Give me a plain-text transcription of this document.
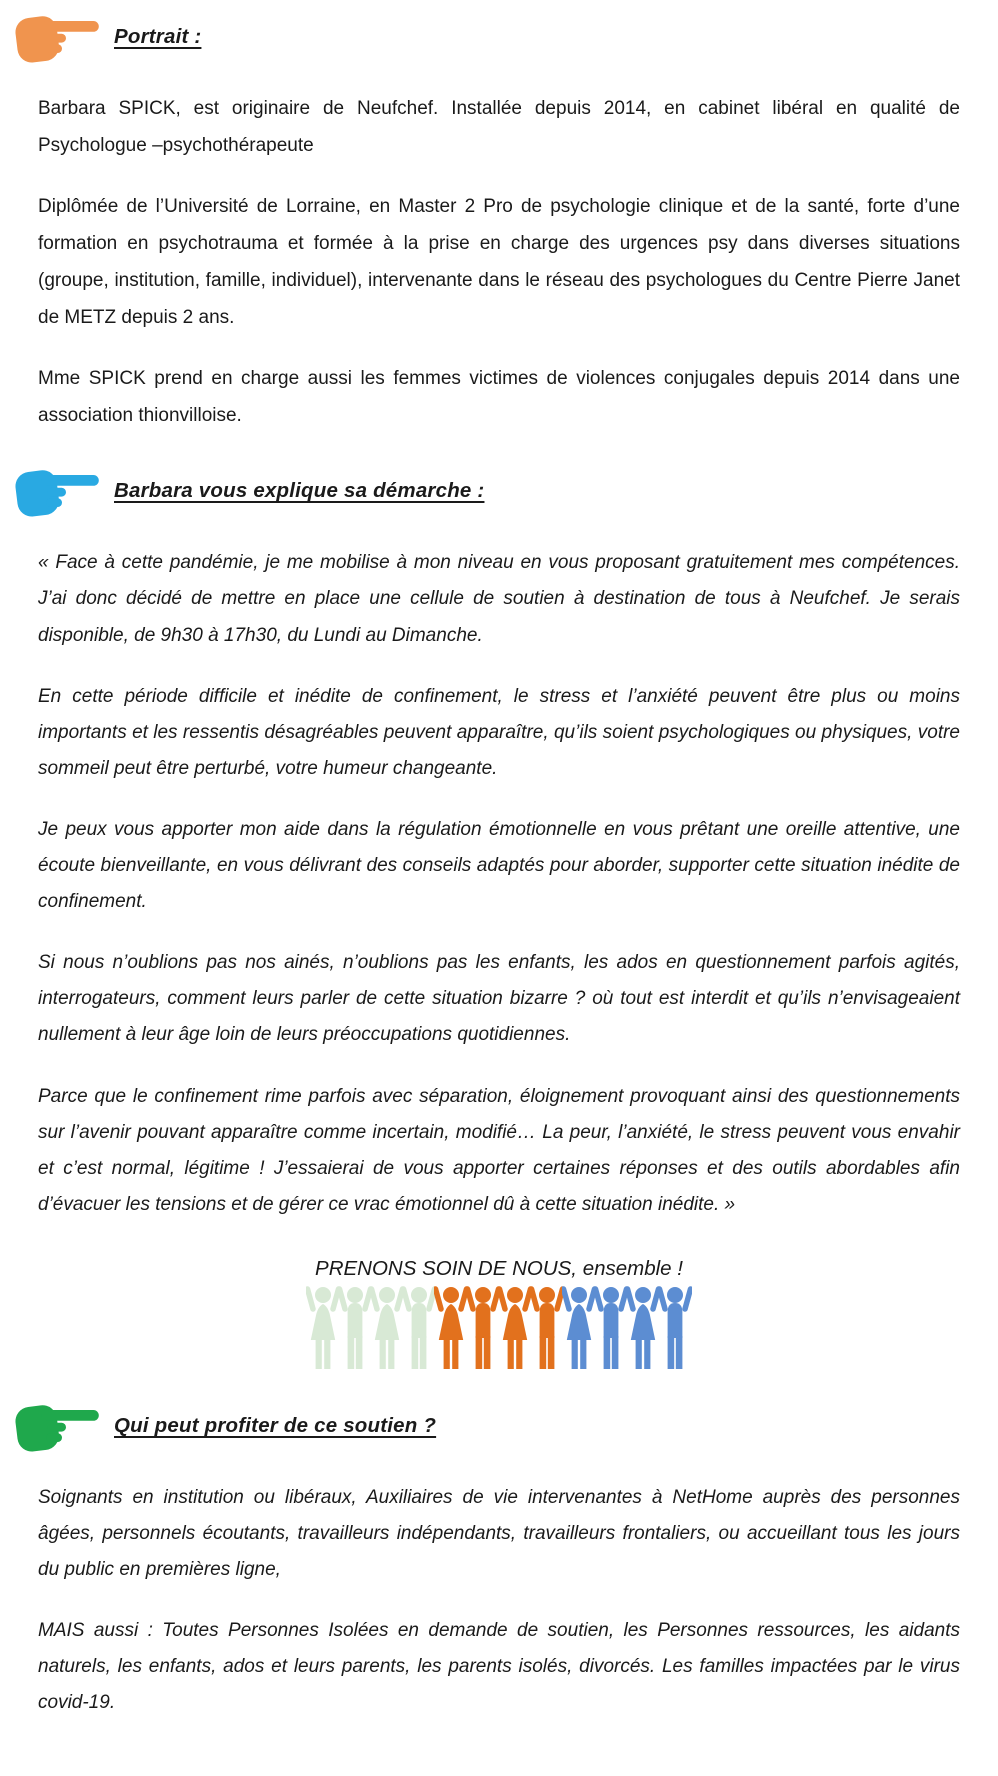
Portrait :

Barbara SPICK, est originaire de Neufchef. Installée depuis 2014, en cabinet libéral en qualité de Psychologue –psychothérapeute

Diplômée de l’Université de Lorraine, en Master 2 Pro de psychologie clinique et de la santé, forte d’une formation en psychotrauma et formée à la prise en charge des urgences psy dans diverses situations (groupe, institution, famille, individuel), intervenante dans le réseau des psychologues du Centre Pierre Janet de METZ depuis 2 ans.

Mme SPICK prend en charge aussi les femmes victimes de violences conjugales depuis 2014 dans une association thionvilloise.

Barbara vous explique sa démarche :

« Face à cette pandémie, je me mobilise à mon niveau en vous proposant gratuitement mes compétences. J’ai donc décidé de mettre en place une cellule de soutien à destination de tous à Neufchef. Je serais disponible, de 9h30 à 17h30, du Lundi au Dimanche.

En cette période difficile et inédite de confinement, le stress et l’anxiété peuvent être plus ou moins importants et les ressentis désagréables peuvent apparaître, qu’ils soient psychologiques ou physiques, votre sommeil peut être perturbé, votre humeur changeante.

Je peux vous apporter mon aide dans la régulation émotionnelle en vous prêtant une oreille attentive, une écoute bienveillante, en vous délivrant des conseils adaptés pour aborder, supporter cette situation inédite de confinement.

Si nous n’oublions pas nos ainés, n’oublions pas les enfants, les ados en questionnement parfois agités, interrogateurs, comment leurs parler de cette situation bizarre ? où tout est interdit et qu’ils n’envisageaient nullement à leur âge loin de leurs préoccupations quotidiennes.

Parce que le confinement rime parfois avec séparation, éloignement provoquant ainsi des questionnements sur l’avenir pouvant apparaître comme incertain, modifié… La peur, l’anxiété, le stress peuvent vous envahir et c’est normal, légitime ! J’essaierai de vous apporter certaines réponses et des outils abordables afin d’évacuer les tensions et de gérer ce vrac émotionnel dû à cette situation inédite. »

PRENONS SOIN DE NOUS, ensemble !
Qui peut profiter de ce soutien ?

Soignants en institution ou libéraux, Auxiliaires de vie intervenantes à NetHome auprès des personnes âgées, personnels écoutants, travailleurs indépendants, travailleurs frontaliers, ou accueillant tous les jours du public en premières ligne,

MAIS aussi : Toutes Personnes Isolées en demande de soutien, les Personnes ressources, les aidants naturels, les enfants, ados et leurs parents, les parents isolés, divorcés. Les familles impactées par le virus covid-19.
